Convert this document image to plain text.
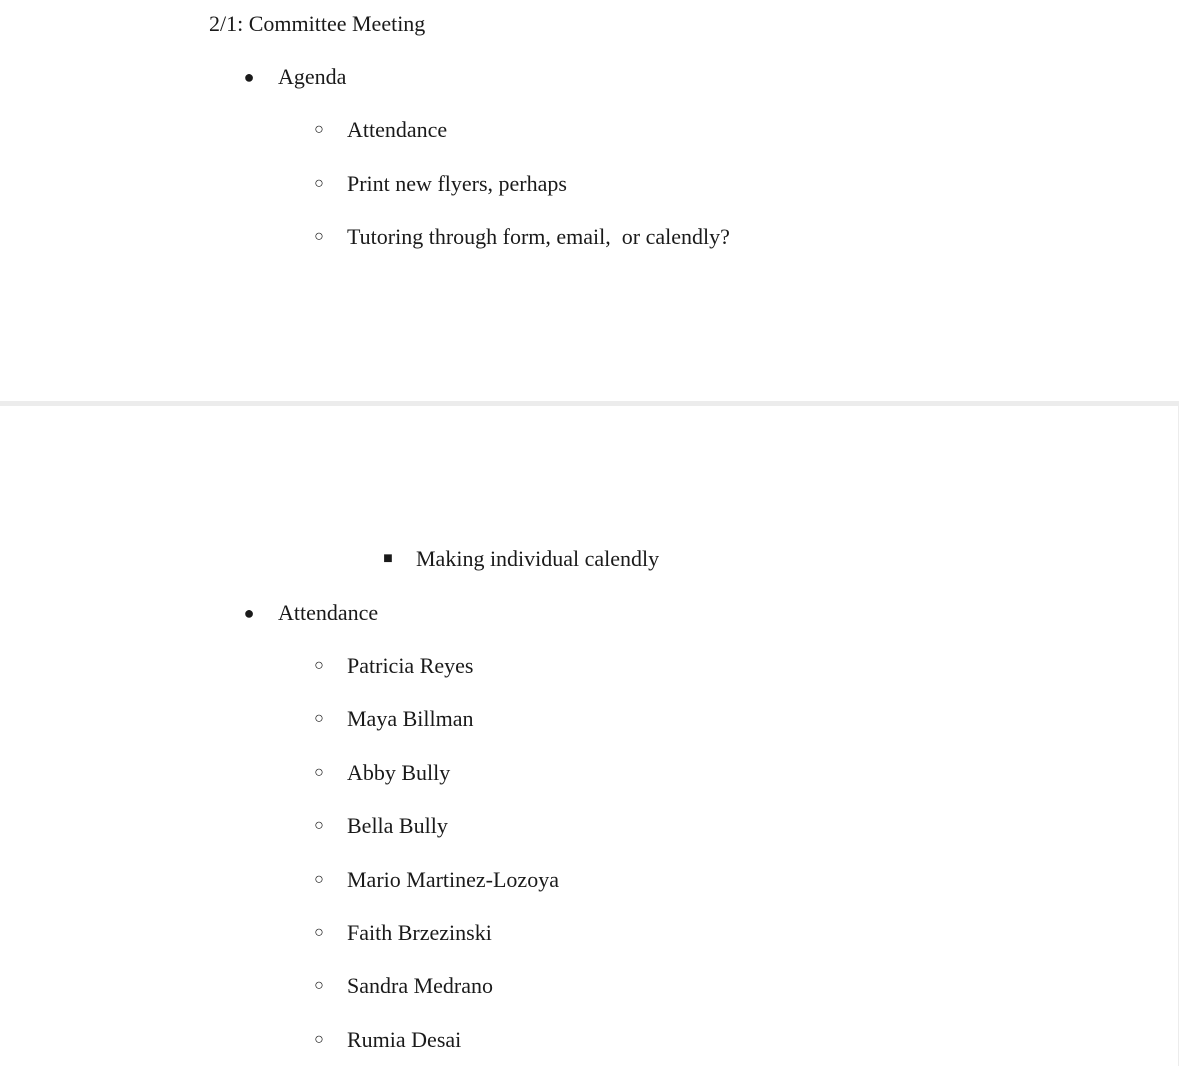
2/1: Committee Meeting
● Agenda
○ Attendance
○ Print new flyers, perhaps
○ Tutoring through form, email,  or calendly?
■ Making individual calendly
● Attendance
○ Patricia Reyes
○ Maya Billman
○ Abby Bully
○ Bella Bully
○ Mario Martinez-Lozoya
○ Faith Brzezinski
○ Sandra Medrano
○ Rumia Desai
